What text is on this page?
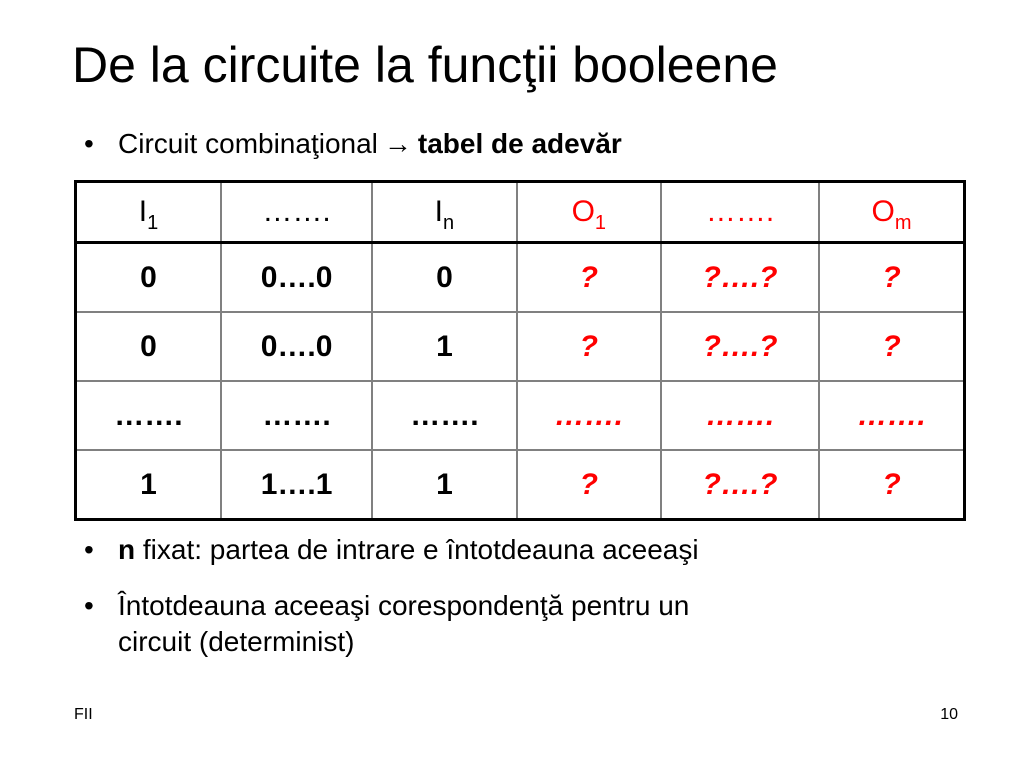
De la circuite la funcţii booleene
• Circuit combinaţional → tabel de adevăr
$I_1$	…….	$I_n$	$O_1$	…….	$O_m$
0	0….0	0	?	?….?	?
0	0….0	1	?	?….?	?
…….	…….	…….	…….	…….	…….
1	1….1	1	?	?….?	?
• n fixat: partea de intrare e întotdeauna aceeaşi
• Întotdeauna aceeaşi corespondenţă pentru un
circuit (determinist)
FII	10
